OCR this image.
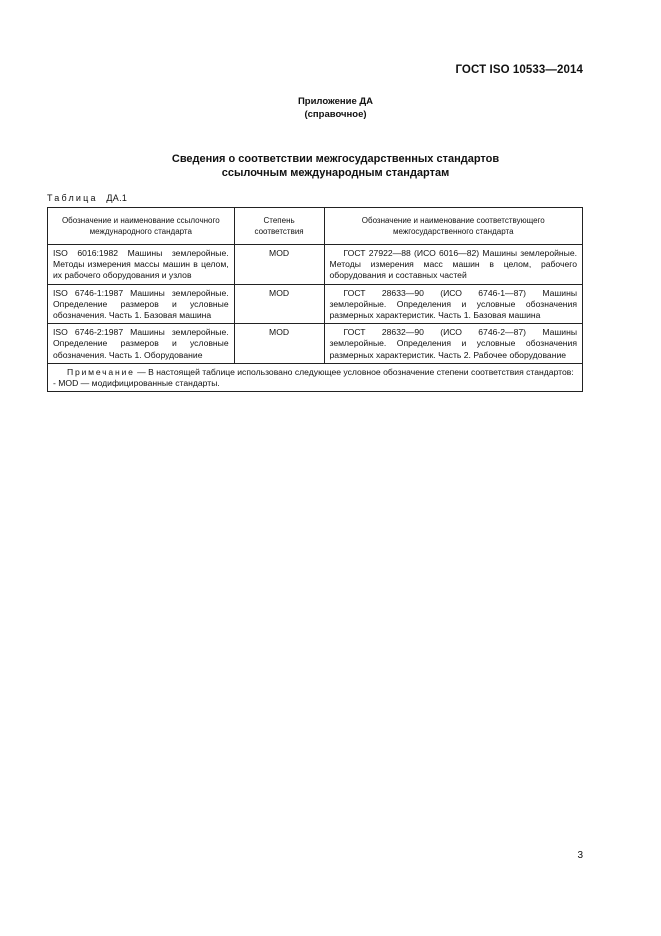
ГОСТ ISO 10533—2014
Приложение ДА
(справочное)
Сведения о соответствии межгосударственных стандартов
ссылочным международным стандартам
Таблица ДА.1
Обозначение и наименование ссылочного международного стандарта	Степень соответствия	Обозначение и наименование соответствующего межгосударственного стандарта
ISO 6016:1982 Машины землеройные. Методы измерения массы машин в целом, их рабочего оборудования и узлов	MOD	ГОСТ 27922—88 (ИСО 6016—82) Машины землеройные. Методы измерения масс машин в целом, рабочего оборудования и составных частей
ISO 6746-1:1987 Машины землеройные. Определение размеров и условные обозначения. Часть 1. Базовая машина	MOD	ГОСТ 28633—90 (ИСО 6746-1—87) Машины землеройные. Определения и условные обозначения размерных характеристик. Часть 1. Базовая машина
ISO 6746-2:1987 Машины землеройные. Определение размеров и условные обозначения. Часть 1. Оборудование	MOD	ГОСТ 28632—90 (ИСО 6746-2—87) Машины землеройные. Определения и условные обозначения размерных характеристик. Часть 2. Рабочее оборудование

Примечание — В настоящей таблице использовано следующее условное обозначение степени соответствия стандартов:
- MOD — модифицированные стандарты.		
3
